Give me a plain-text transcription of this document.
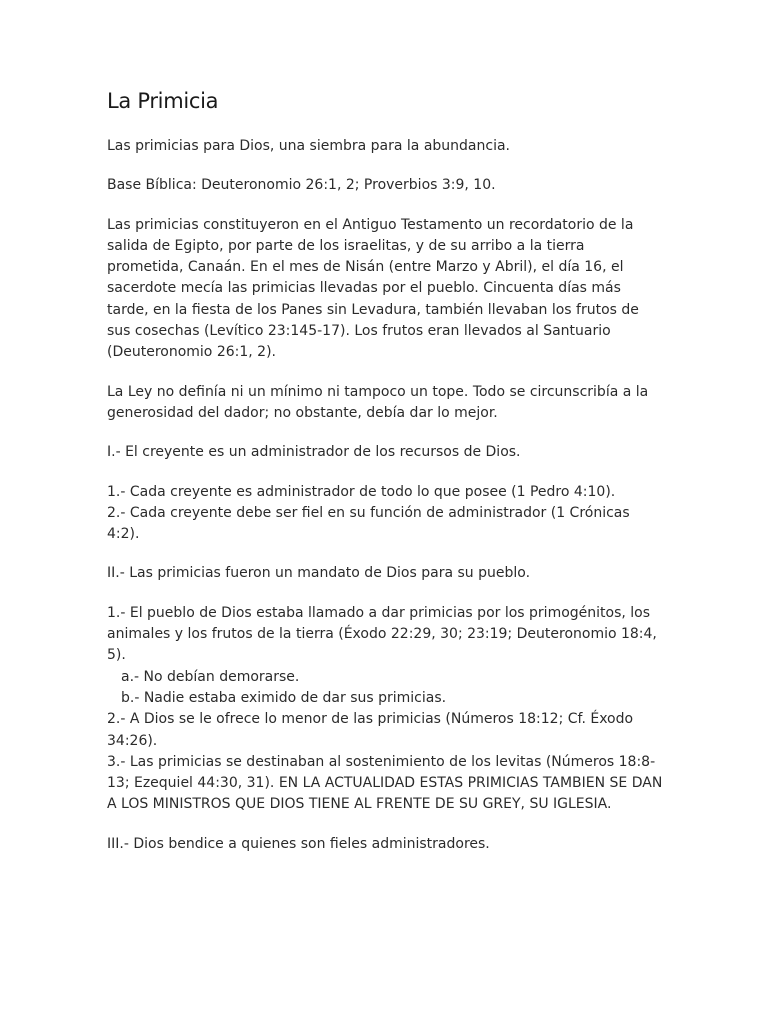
La Primicia

Las primicias para Dios, una siembra para la abundancia.

Base Bíblica: Deuteronomio 26:1, 2; Proverbios 3:9, 10.

Las primicias constituyeron en el Antiguo Testamento un recordatorio de la salida de Egipto, por parte de los israelitas, y de su arribo a la tierra prometida, Canaán. En el mes de Nisán (entre Marzo y Abril), el día 16, el sacerdote mecía las primicias llevadas por el pueblo. Cincuenta días más tarde, en la fiesta de los Panes sin Levadura, también llevaban los frutos de sus cosechas (Levítico 23:145-17). Los frutos eran llevados al Santuario (Deuteronomio 26:1, 2).

La Ley no definía ni un mínimo ni tampoco un tope. Todo se circunscribía a la generosidad del dador; no obstante, debía dar lo mejor.

I.- El creyente es un administrador de los recursos de Dios.

1.- Cada creyente es administrador de todo lo que posee (1 Pedro 4:10).
2.- Cada creyente debe ser fiel en su función de administrador (1 Crónicas 4:2).

II.- Las primicias fueron un mandato de Dios para su pueblo.

1.- El pueblo de Dios estaba llamado a dar primicias por los primogénitos, los animales y los frutos de la tierra (Éxodo 22:29, 30; 23:19; Deuteronomio 18:4, 5).
a.- No debían demorarse.
b.- Nadie estaba eximido de dar sus primicias.
2.- A Dios se le ofrece lo menor de las primicias (Números 18:12; Cf. Éxodo 34:26).
3.- Las primicias se destinaban al sostenimiento de los levitas (Números 18:8-13; Ezequiel 44:30, 31). EN LA ACTUALIDAD ESTAS PRIMICIAS TAMBIEN SE DAN A LOS MINISTROS QUE DIOS TIENE AL FRENTE DE SU GREY, SU IGLESIA.

III.- Dios bendice a quienes son fieles administradores.
